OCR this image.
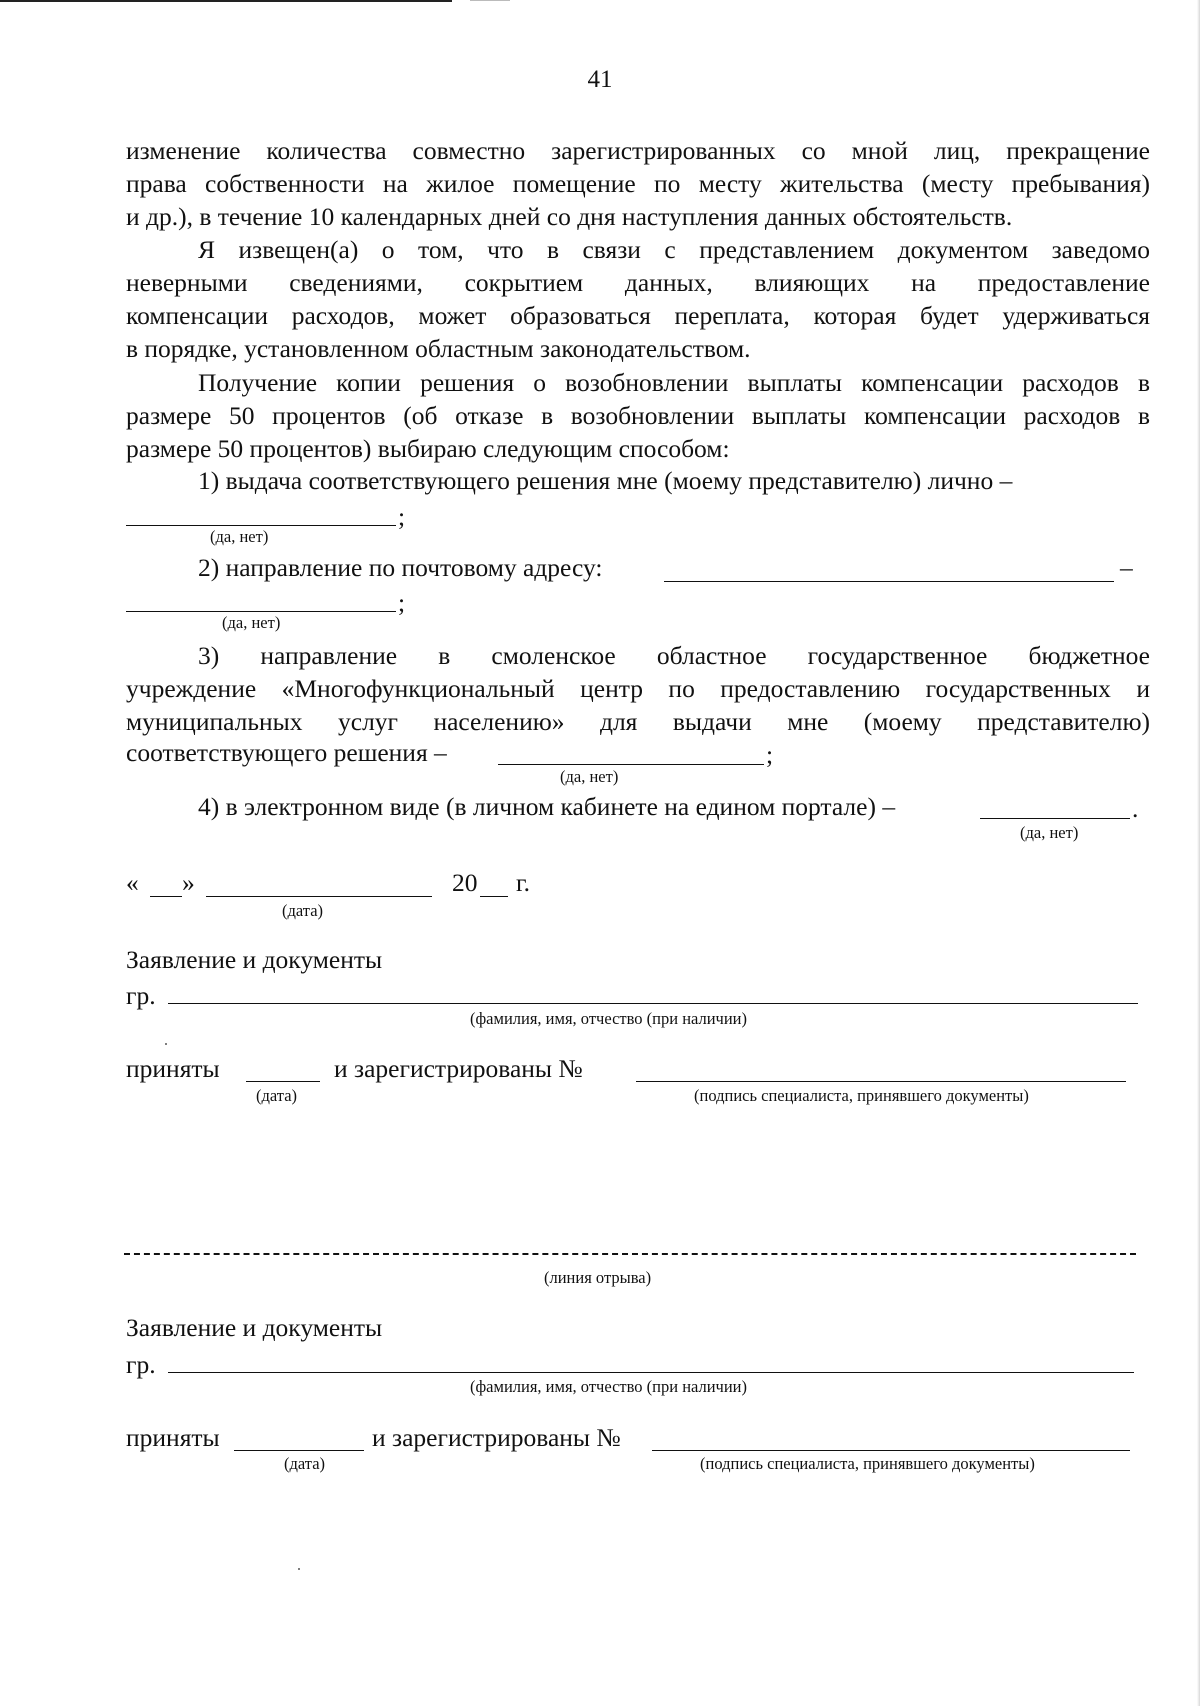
41
изменение количества совместно зарегистрированных со мной лиц, прекращение
права собственности на жилое помещение по месту жительства (месту пребывания)
и др.), в течение 10 календарных дней со дня наступления данных обстоятельств.
Я извещен(а) о том, что в связи с представлением документом заведомо
неверными сведениями, сокрытием данных, влияющих на предоставление
компенсации расходов, может образоваться переплата, которая будет удерживаться
в порядке, установленном областным законодательством.
Получение копии решения о возобновлении выплаты компенсации расходов в
размере 50 процентов (об отказе в возобновлении выплаты компенсации расходов в
размере 50 процентов) выбираю следующим способом:
1) выдача соответствующего решения мне (моему представителю) лично –
;
(да, нет)
2) направление по почтовому адресу:	–
;
(да, нет)
3) направление в смоленское областное государственное бюджетное
учреждение «Многофункциональный центр по предоставлению государственных и
муниципальных услуг населению» для выдачи мне (моему представителю)
соответствующего решения –	;
(да, нет)
4) в электронном виде (в личном кабинете на едином портале) –	.
(да, нет)
« »
(дата)
20 г.
Заявление и документы
гр.
(фамилия, имя, отчество (при наличии)
приняты
(дата)
и зарегистрированы №
(подпись специалиста, принявшего документы)
(линия отрыва)
Заявление и документы
гр.
(фамилия, имя, отчество (при наличии)
приняты
(дата)
и зарегистрированы №
(подпись специалиста, принявшего документы)
